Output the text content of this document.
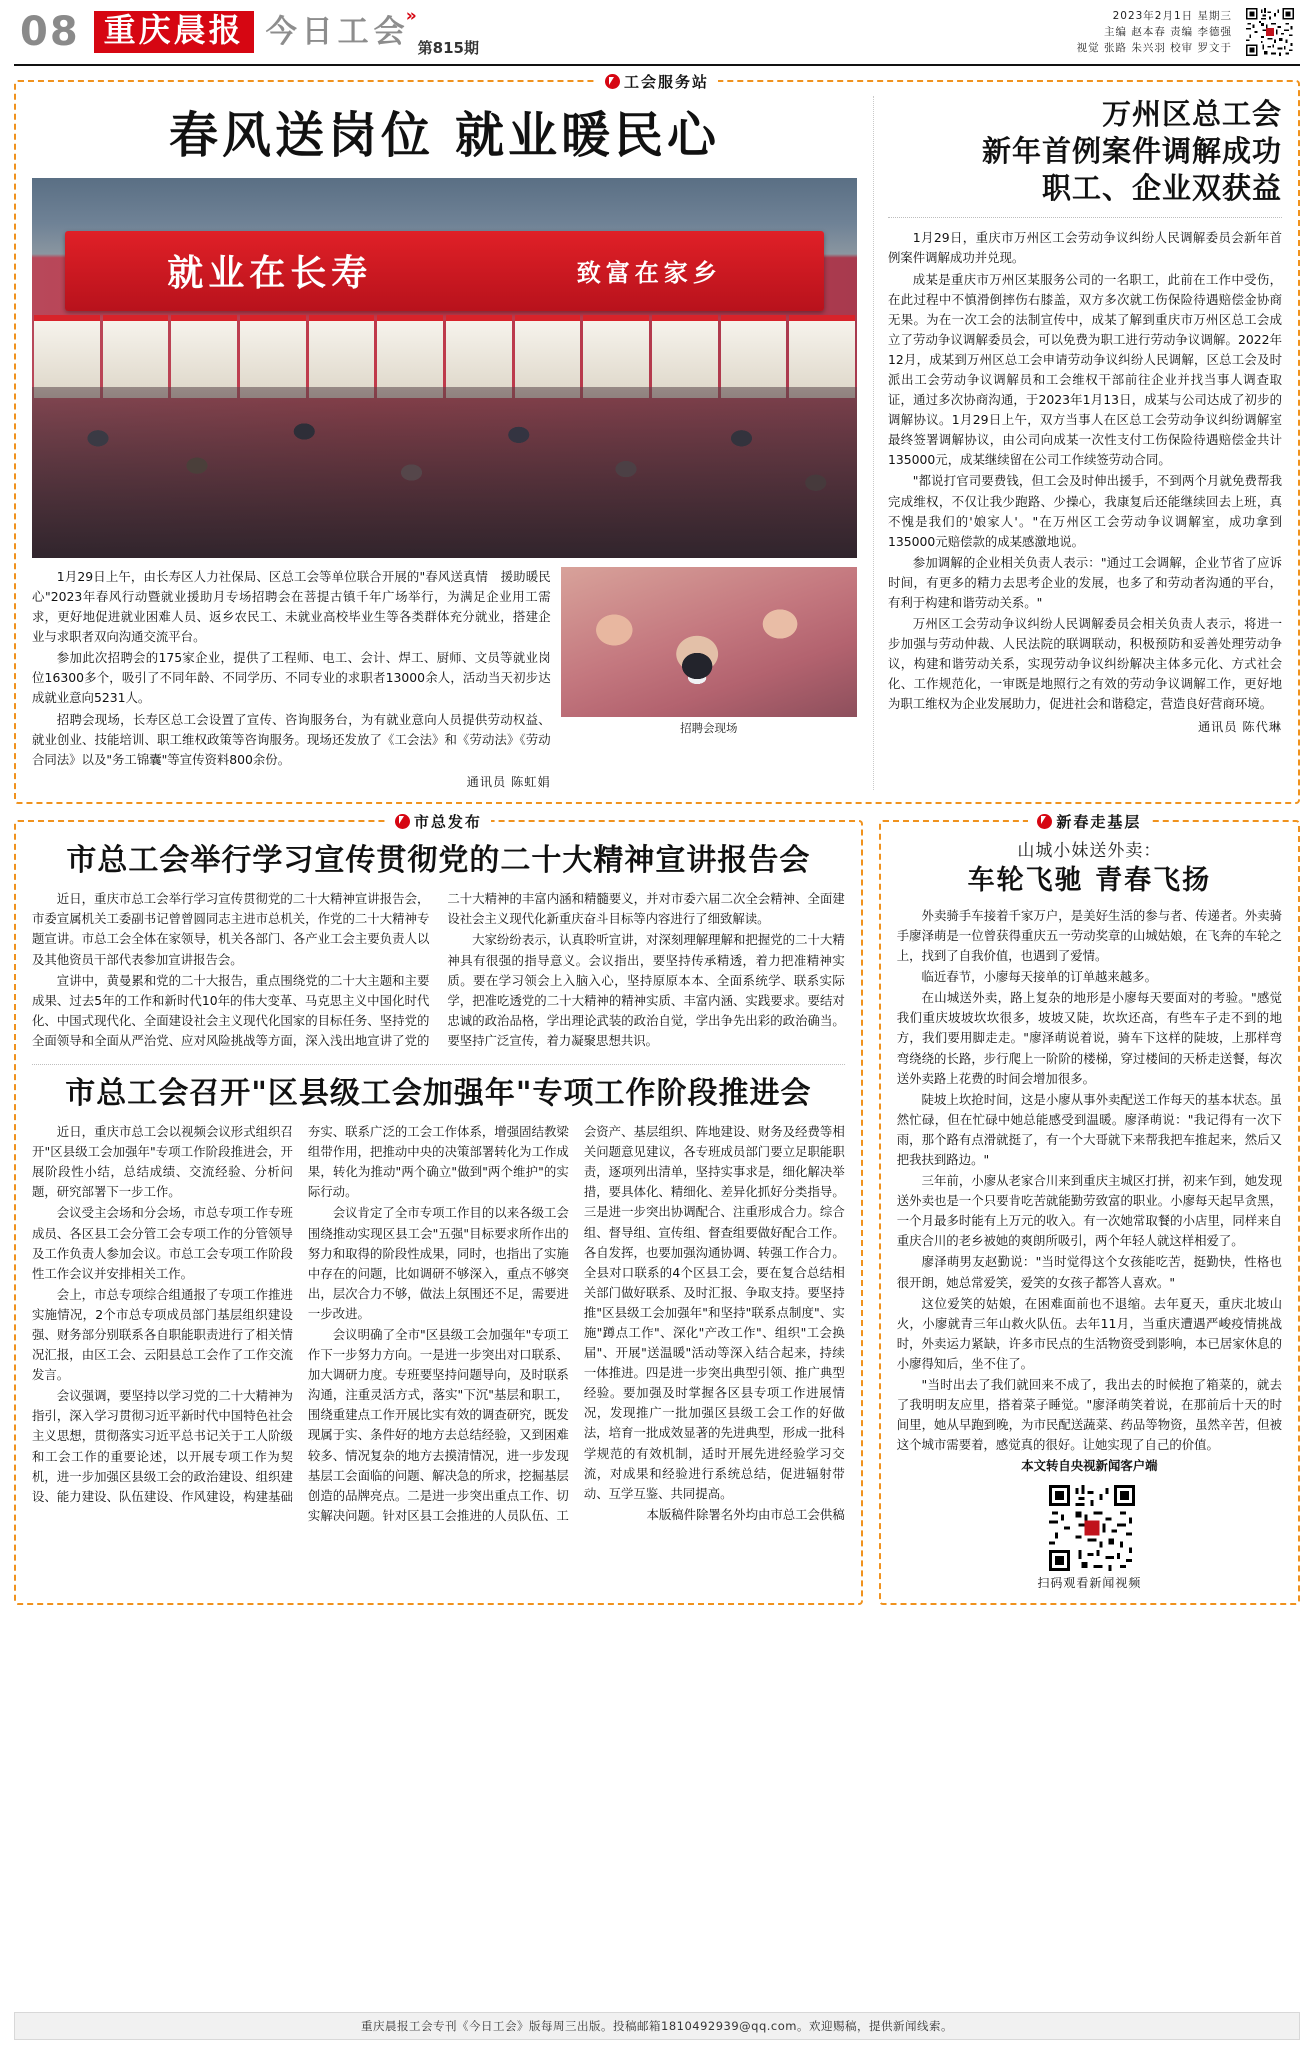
08 重庆晨报 今日工会
»
第815期
2023年2月1日 星期三
主编 赵本春 责编 李德强
视觉 张路 朱兴羽 校审 罗文于
工会服务站
春风送岗位 就业暖民心
就业在长寿	致富在家乡

1月29日上午，由长寿区人力社保局、区总工会等单位联合开展的"春风送真情　援助暖民心"2023年春风行动暨就业援助月专场招聘会在菩提古镇千年广场举行，为满足企业用工需求，更好地促进就业困难人员、返乡农民工、未就业高校毕业生等各类群体充分就业，搭建企业与求职者双向沟通交流平台。

参加此次招聘会的175家企业，提供了工程师、电工、会计、焊工、厨师、文员等就业岗位16300多个，吸引了不同年龄、不同学历、不同专业的求职者13000余人，活动当天初步达成就业意向5231人。

招聘会现场，长寿区总工会设置了宣传、咨询服务台，为有就业意向人员提供劳动权益、就业创业、技能培训、职工维权政策等咨询服务。现场还发放了《工会法》和《劳动法》《劳动合同法》以及"务工锦囊"等宣传资料800余份。

通讯员 陈虹娟
招聘会现场
万州区总工会
新年首例案件调解成功
职工、企业双获益

1月29日，重庆市万州区工会劳动争议纠纷人民调解委员会新年首例案件调解成功并兑现。

成某是重庆市万州区某服务公司的一名职工，此前在工作中受伤，在此过程中不慎滑倒摔伤右膝盖，双方多次就工伤保险待遇赔偿金协商无果。为在一次工会的法制宣传中，成某了解到重庆市万州区总工会成立了劳动争议调解委员会，可以免费为职工进行劳动争议调解。2022年12月，成某到万州区总工会申请劳动争议纠纷人民调解，区总工会及时派出工会劳动争议调解员和工会维权干部前往企业并找当事人调查取证，通过多次协商沟通，于2023年1月13日，成某与公司达成了初步的调解协议。1月29日上午，双方当事人在区总工会劳动争议纠纷调解室最终签署调解协议，由公司向成某一次性支付工伤保险待遇赔偿金共计135000元，成某继续留在公司工作续签劳动合同。

"都说打官司要费钱，但工会及时伸出援手，不到两个月就免费帮我完成维权，不仅让我少跑路、少操心，我康复后还能继续回去上班，真不愧是我们的'娘家人'。"在万州区工会劳动争议调解室，成功拿到135000元赔偿款的成某感激地说。

参加调解的企业相关负责人表示："通过工会调解，企业节省了应诉时间，有更多的精力去思考企业的发展，也多了和劳动者沟通的平台，有利于构建和谐劳动关系。"

万州区工会劳动争议纠纷人民调解委员会相关负责人表示，将进一步加强与劳动仲裁、人民法院的联调联动，积极预防和妥善处理劳动争议，构建和谐劳动关系，实现劳动争议纠纷解决主体多元化、方式社会化、工作规范化，一审既是地照行之有效的劳动争议调解工作，更好地为职工维权为企业发展助力，促进社会和谐稳定，营造良好营商环境。

通讯员 陈代琳
市总发布
市总工会举行学习宣传贯彻党的二十大精神宣讲报告会

近日，重庆市总工会举行学习宣传贯彻党的二十大精神宣讲报告会，市委宣属机关工委副书记曾曾圆同志主进市总机关，作党的二十大精神专题宣讲。市总工会全体在家领导，机关各部门、各产业工会主要负责人以及其他资员干部代表参加宣讲报告会。

宣讲中，黄曼累和党的二十大报告，重点围绕党的二十大主题和主要成果、过去5年的工作和新时代10年的伟大变革、马克思主义中国化时代化、中国式现代化、全面建设社会主义现代化国家的目标任务、坚持党的全面领导和全面从严治党、应对风险挑战等方面，深入浅出地宣讲了党的二十大精神的丰富内涵和精髓要义，并对市委六届二次全会精神、全面建设社会主义现代化新重庆奋斗目标等内容进行了细致解读。

大家纷纷表示，认真聆听宣讲，对深刻理解理解和把握党的二十大精神具有很强的指导意义。会议指出，要坚持传承精透，着力把准精神实质。要在学习领会上入脑入心，坚持原原本本、全面系统学、联系实际学，把准吃透党的二十大精神的精神实质、丰富内涵、实践要求。要结对忠诚的政治品格，学出理论武装的政治自觉，学出争先出彩的政治确当。要坚持广泛宣传，着力凝聚思想共识。

市总工会召开"区县级工会加强年"专项工作阶段推进会

近日，重庆市总工会以视频会议形式组织召开"区县级工会加强年"专项工作阶段推进会，开展阶段性小结，总结成绩、交流经验、分析问题，研究部署下一步工作。

会议受主会场和分会场，市总专项工作专班成员、各区县工会分管工会专项工作的分管领导及工作负责人参加会议。市总工会专项工作阶段性工作会议并安排相关工作。

会上，市总专项综合组通报了专项工作推进实施情况，2个市总专项成员部门基层组织建设强、财务部分别联系各自职能职责进行了相关情况汇报，由区工会、云阳县总工会作了工作交流发言。

会议强调，要坚持以学习党的二十大精神为指引，深入学习贯彻习近平新时代中国特色社会主义思想，贯彻落实习近平总书记关于工人阶级和工会工作的重要论述，以开展专项工作为契机，进一步加强区县级工会的政治建设、组织建设、能力建设、队伍建设、作风建设，构建基础夯实、联系广泛的工会工作体系，增强固结教梁组带作用，把推动中央的决策部署转化为工作成果，转化为推动"两个确立"做到"两个维护"的实际行动。

会议肯定了全市专项工作目的以来各级工会围绕推动实现区县工会"五强"目标要求所作出的努力和取得的阶段性成果，同时，也指出了实施中存在的问题，比如调研不够深入，重点不够突出，层次合力不够，做法上氛围还不足，需要进一步改进。

会议明确了全市"区县级工会加强年"专项工作下一步努力方向。一是进一步突出对口联系、加大调研力度。专班要坚持问题导向，及时联系沟通，注重灵活方式，落实"下沉"基层和职工，围绕重建点工作开展比实有效的调查研究，既发现属于实、条件好的地方去总结经验，又到困难较多、情况复杂的地方去摸清情况，进一步发现基层工会面临的问题、解决急的所求，挖掘基层创造的品牌亮点。二是进一步突出重点工作、切实解决问题。针对区县工会推进的人员队伍、工会资产、基层组织、阵地建设、财务及经费等相关问题意见建议，各专班成员部门要立足职能职责，逐项列出清单，坚持实事求是，细化解决举措，要具体化、精细化、差异化抓好分类指导。三是进一步突出协调配合、注重形成合力。综合组、督导组、宣传组、督查组要做好配合工作。各自发挥，也要加强沟通协调、转强工作合力。全县对口联系的4个区县工会，要在复合总结相关部门做好联系、及时汇报、争取支持。要坚持推"区县级工会加强年"和坚持"联系点制度"、实施"蹲点工作"、深化"产改工作"、组织"工会换届"、开展"送温暖"活动等深入结合起来，持续一体推进。四是进一步突出典型引领、推广典型经验。要加强及时掌握各区县专项工作进展情况，发现推广一批加强区县级工会工作的好做法，培育一批成效显著的先进典型，形成一批科学规范的有效机制，适时开展先进经验学习交流，对成果和经验进行系统总结，促进辐射带动、互学互鉴、共同提高。

本版稿件除署名外均由市总工会供稿

新春走基层
山城小妹送外卖：
车轮飞驰 青春飞扬

外卖骑手车接着千家万户，是美好生活的参与者、传递者。外卖骑手廖泽萌是一位曾获得重庆五一劳动奖章的山城姑娘，在飞奔的车轮之上，找到了自我价值，也遇到了爱情。

临近春节，小廖每天接单的订单越来越多。

在山城送外卖，路上复杂的地形是小廖每天要面对的考验。"感觉我们重庆坡坡坎坎很多，坡坡又陡，坎坎还高，有些车子走不到的地方，我们要用脚走走。"廖泽萌说着说，骑车下这样的陡坡，上那样弯弯绕绕的长路，步行爬上一阶阶的楼梯，穿过楼间的天桥走送餐，每次送外卖路上花费的时间会增加很多。

陡坡上坎抢时间，这是小廖从事外卖配送工作每天的基本状态。虽然忙碌，但在忙碌中她总能感受到温暖。廖泽萌说："我记得有一次下雨，那个路有点滑就挺了，有一个大哥就下来帮我把车推起来，然后又把我扶到路边。"

三年前，小廖从老家合川来到重庆主城区打拼，初来乍到，她发现送外卖也是一个只要肯吃苦就能勤劳致富的职业。小廖每天起早贪黑，一个月最多时能有上万元的收入。有一次她常取餐的小店里，同样来自重庆合川的老乡被她的爽朗所吸引，两个年轻人就这样相爱了。

廖泽萌男友赵勤说："当时觉得这个女孩能吃苦，挺勤快，性格也很开朗，她总常爱笑，爱笑的女孩子都答人喜欢。"

这位爱笑的姑娘，在困难面前也不退缩。去年夏天，重庆北坡山火，小廖就青三年山救火队伍。去年11月，当重庆遭遇严峻疫情挑战时，外卖运力紧缺，许多市民点的生活物资受到影响，本已居家休息的小廖得知后，坐不住了。

"当时出去了我们就回来不成了，我出去的时候抱了箱菜的，就去了我明明友应里，搭着菜子睡觉。"廖泽萌笑着说，在那前后十天的时间里，她从早跑到晚，为市民配送蔬菜、药品等物资，虽然辛苦，但被这个城市需要着，感觉真的很好。让她实现了自己的价值。

本文转自央视新闻客户端

扫码观看新闻视频
重庆晨报工会专刊《今日工会》版每周三出版。投稿邮箱1810492939@qq.com。欢迎赐稿，提供新闻线索。
